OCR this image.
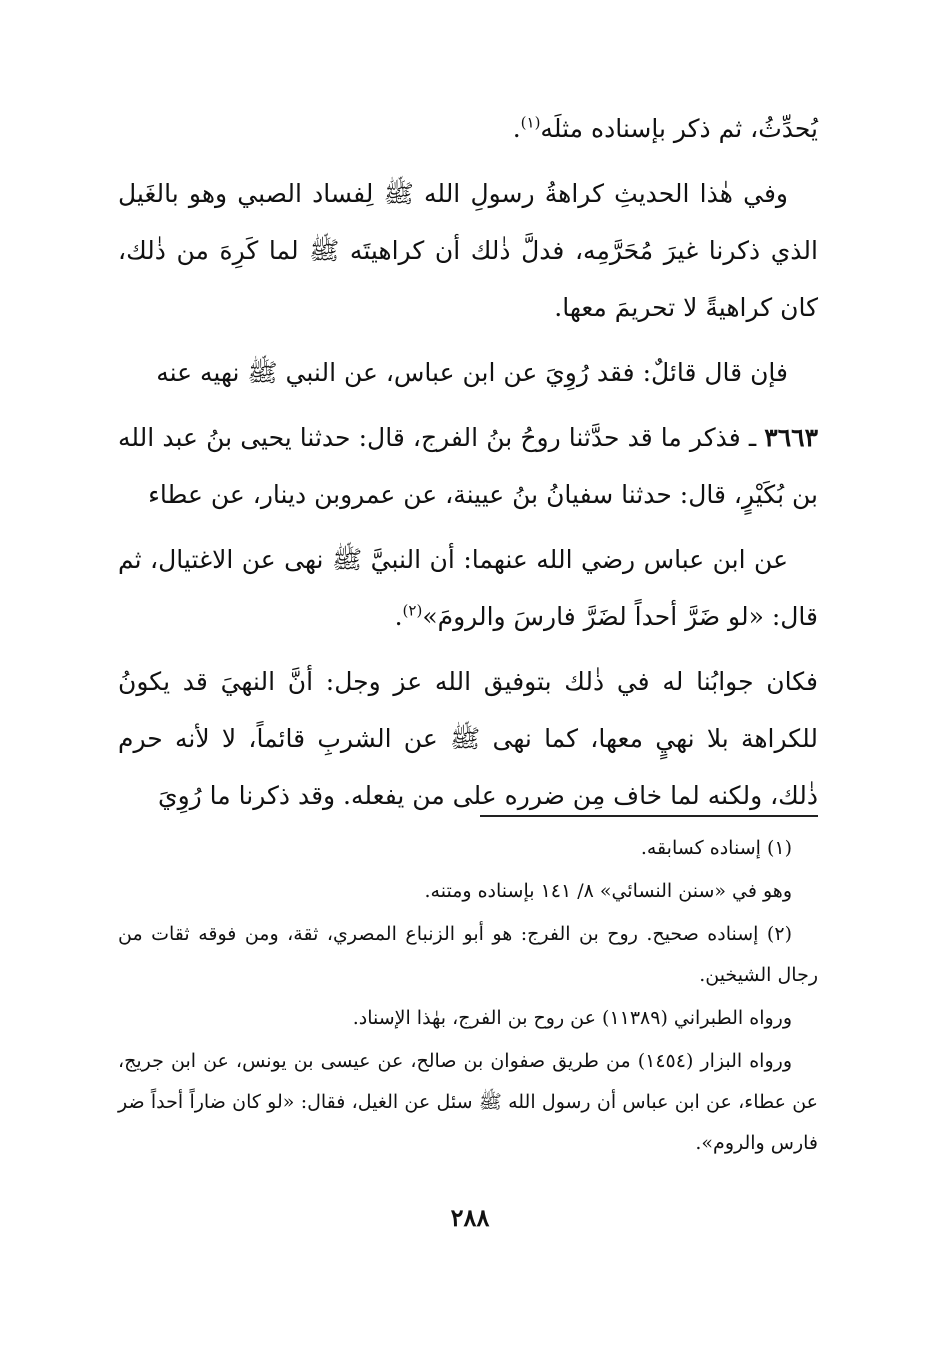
يُحدِّثُ، ثم ذكر بإسناده مثلَه$^{(١)}$.

وفي هٰذا الحديثِ كراهةُ رسولِ الله ﷺ لِفساد الصبي وهو بالغَيل الذي ذكرنا غيرَ مُحَرَّمِه، فدلَّ ذٰلك أن كراهيتَه ﷺ لما كَرِهَ من ذٰلك، كان كراهيةً لا تحريمَ معها.

فإن قال قائلٌ: فقد رُوِيَ عن ابن عباس، عن النبي ﷺ نهيه عنه

٣٦٦٣ ـ فذكر ما قد حدَّثنا روحُ بنُ الفرج، قال: حدثنا يحيى بنُ عبد الله بن بُكَيْرٍ، قال: حدثنا سفيانُ بنُ عيينة، عن عمروبن دينار، عن عطاء

عن ابن عباس رضي الله عنهما: أن النبيَّ ﷺ نهى عن الاغتيال، ثم قال: «لو ضَرَّ أحداً لضَرَّ فارسَ والرومَ»$^{(٢)}$.

فكان جوابُنا له في ذٰلك بتوفيق الله عز وجل: أنَّ النهيَ قد يكونُ للكراهة بلا نهيٍ معها، كما نهى ﷺ عن الشربِ قائماً، لا لأنه حرم ذٰلك، ولكنه لما خاف مِن ضرره على من يفعله. وقد ذكرنا ما رُوِيَ

(١) إسناده كسابقه.

وهو في «سنن النسائي» ٨/ ١٤١ بإسناده ومتنه.

(٢) إسناده صحيح. روح بن الفرج: هو أبو الزنباع المصري، ثقة، ومن فوقه ثقات من رجال الشيخين.

ورواه الطبراني (١١٣٨٩) عن روح بن الفرج، بهٰذا الإسناد.

ورواه البزار (١٤٥٤) من طريق صفوان بن صالح، عن عيسى بن يونس، عن ابن جريج، عن عطاء، عن ابن عباس أن رسول الله ﷺ سئل عن الغيل، فقال: «لو كان ضاراً أحداً ضر فارس والروم».

٢٨٨
